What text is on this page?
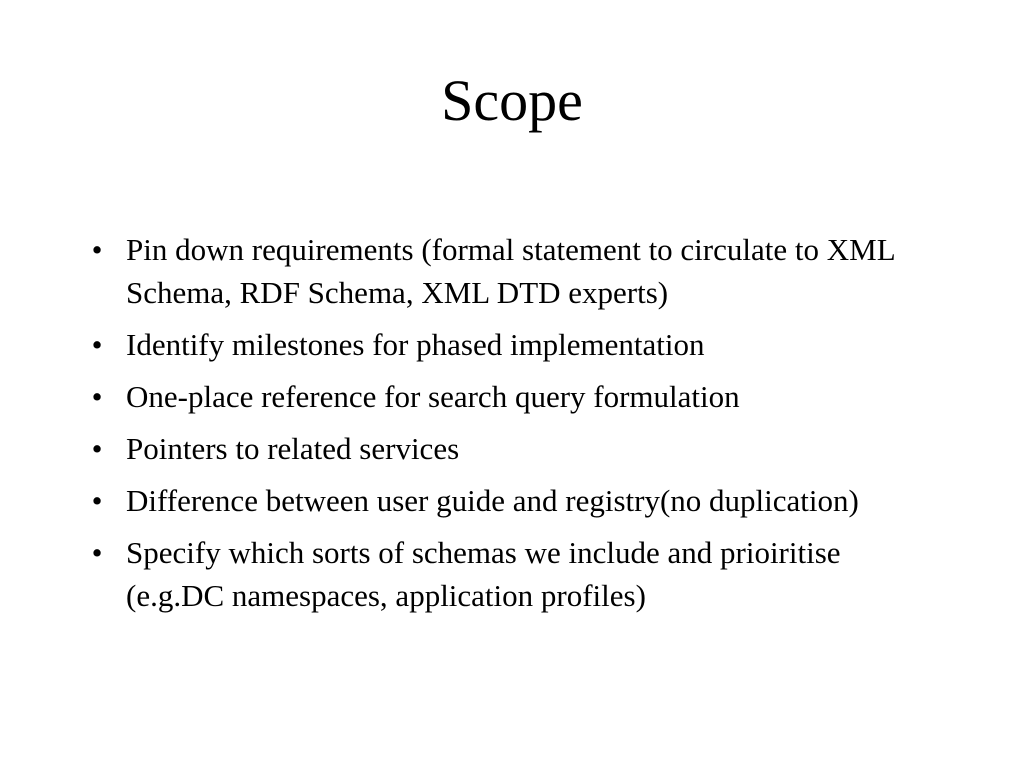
Scope
• Pin down requirements (formal statement to circulate to XML Schema, RDF Schema, XML DTD experts)
• Identify milestones for phased implementation
• One-place reference for search query formulation
• Pointers to related services
• Difference between user guide and registry(no duplication)
• Specify which sorts of schemas we include and prioiritise (e.g.DC namespaces, application profiles)
